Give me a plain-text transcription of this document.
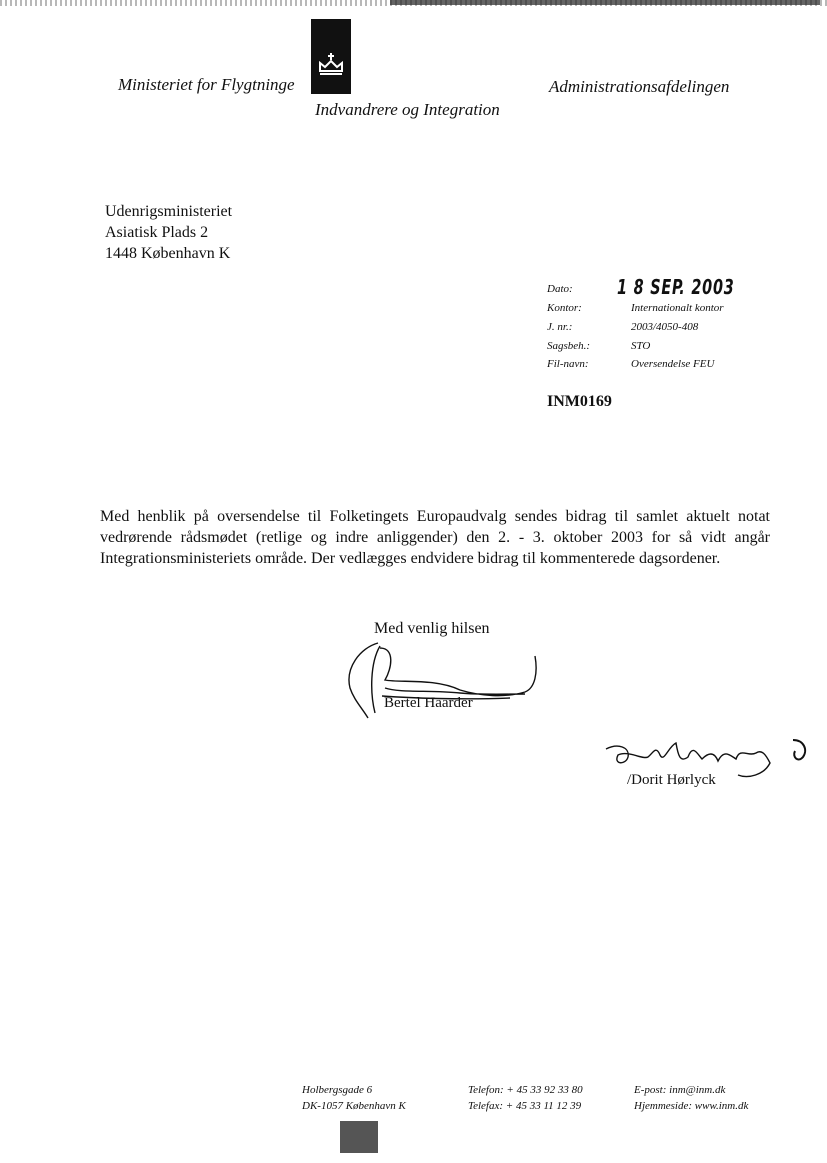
Ministeriet for Flygtninge
Indvandrere og Integration
Administrationsafdelingen
Udenrigsministeriet
Asiatisk Plads 2
1448 København K
Dato: 1 8 SEP. 2003
Kontor:	Internationalt kontor
J. nr.:	2003/4050-408
Sagsbeh.:	STO
Fil-navn:	Oversendelse FEU
INM0169
Med henblik på oversendelse til Folketingets Europaudvalg sendes bidrag til samlet aktuelt notat vedrørende rådsmødet (retlige og indre anliggender) den 2. - 3. oktober 2003 for så vidt angår Integrationsministeriets område. Der vedlægges endvidere bidrag til kommenterede dagsordener.
Med venlig hilsen
Bertel Haarder
/Dorit Hørlyck
Holbergsgade 6
DK-1057 København K
Telefon: + 45 33 92 33 80
Telefax: + 45 33 11 12 39
E-post: inm@inm.dk
Hjemmeside: www.inm.dk
